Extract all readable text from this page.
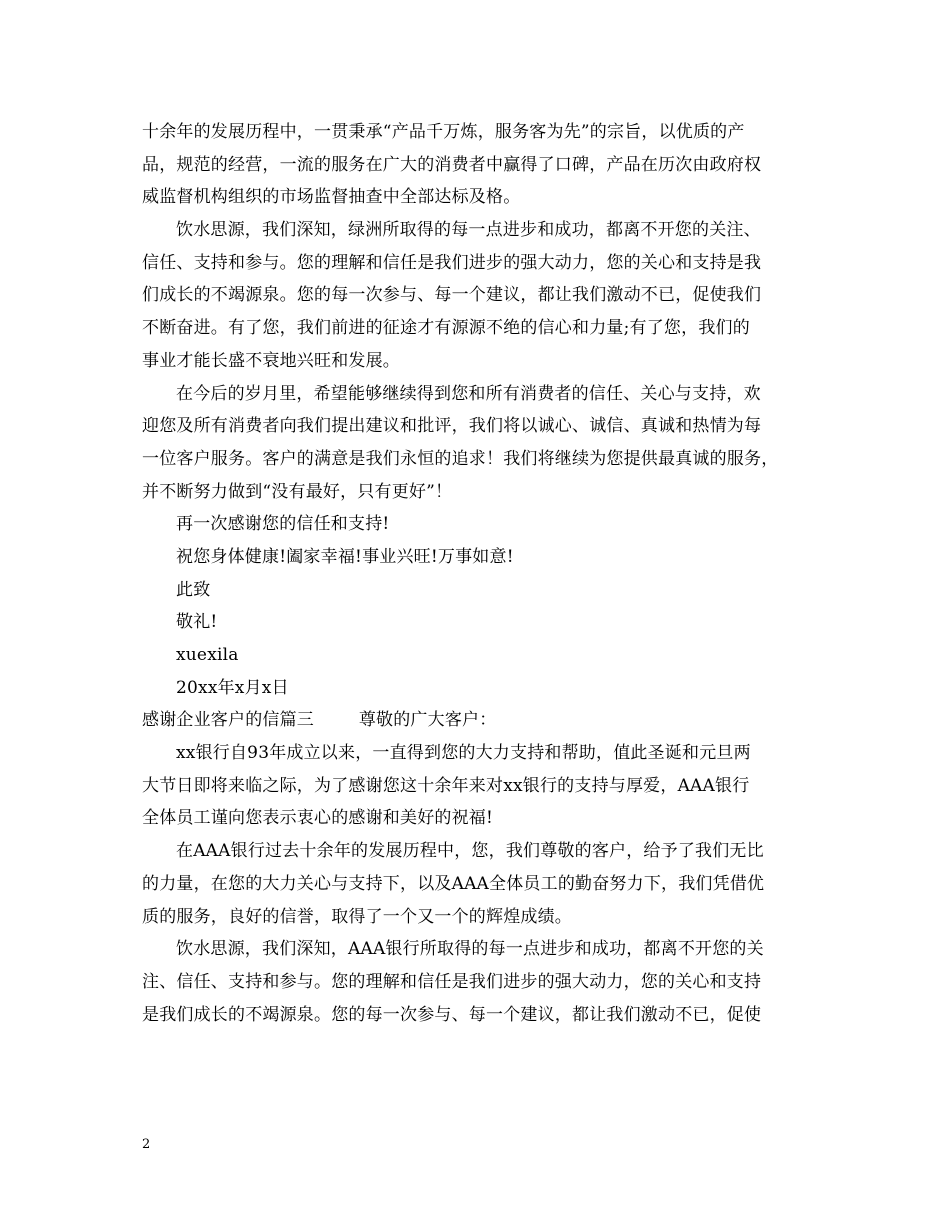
十余年的发展历程中，一贯秉承“产品千万炼，服务客为先”的宗旨，以优质的产
品，规范的经营，一流的服务在广大的消费者中赢得了口碑，产品在历次由政府权
威监督机构组织的市场监督抽查中全部达标及格。
饮水思源，我们深知，绿洲所取得的每一点进步和成功，都离不开您的关注、
信任、支持和参与。您的理解和信任是我们进步的强大动力，您的关心和支持是我
们成长的不竭源泉。您的每一次参与、每一个建议，都让我们激动不已，促使我们
不断奋进。有了您，我们前进的征途才有源源不绝的信心和力量;有了您，我们的
事业才能长盛不衰地兴旺和发展。
在今后的岁月里，希望能够继续得到您和所有消费者的信任、关心与支持，欢
迎您及所有消费者向我们提出建议和批评，我们将以诚心、诚信、真诚和热情为每
一位客户服务。客户的满意是我们永恒的追求！我们将继续为您提供最真诚的服务，
并不断努力做到“没有最好，只有更好”！
再一次感谢您的信任和支持!
祝您身体健康!阖家幸福!事业兴旺!万事如意!
此致
敬礼!
xuexila
20xx年x月x日
感谢企业客户的信篇三        尊敬的广大客户：
xx银行自93年成立以来，一直得到您的大力支持和帮助，值此圣诞和元旦两
大节日即将来临之际，为了感谢您这十余年来对xx银行的支持与厚爱，AAA银行
全体员工谨向您表示衷心的感谢和美好的祝福!
在AAA银行过去十余年的发展历程中，您，我们尊敬的客户，给予了我们无比
的力量，在您的大力关心与支持下，以及AAA全体员工的勤奋努力下，我们凭借优
质的服务，良好的信誉，取得了一个又一个的辉煌成绩。
饮水思源，我们深知，AAA银行所取得的每一点进步和成功，都离不开您的关
注、信任、支持和参与。您的理解和信任是我们进步的强大动力，您的关心和支持
是我们成长的不竭源泉。您的每一次参与、每一个建议，都让我们激动不已，促使
2
